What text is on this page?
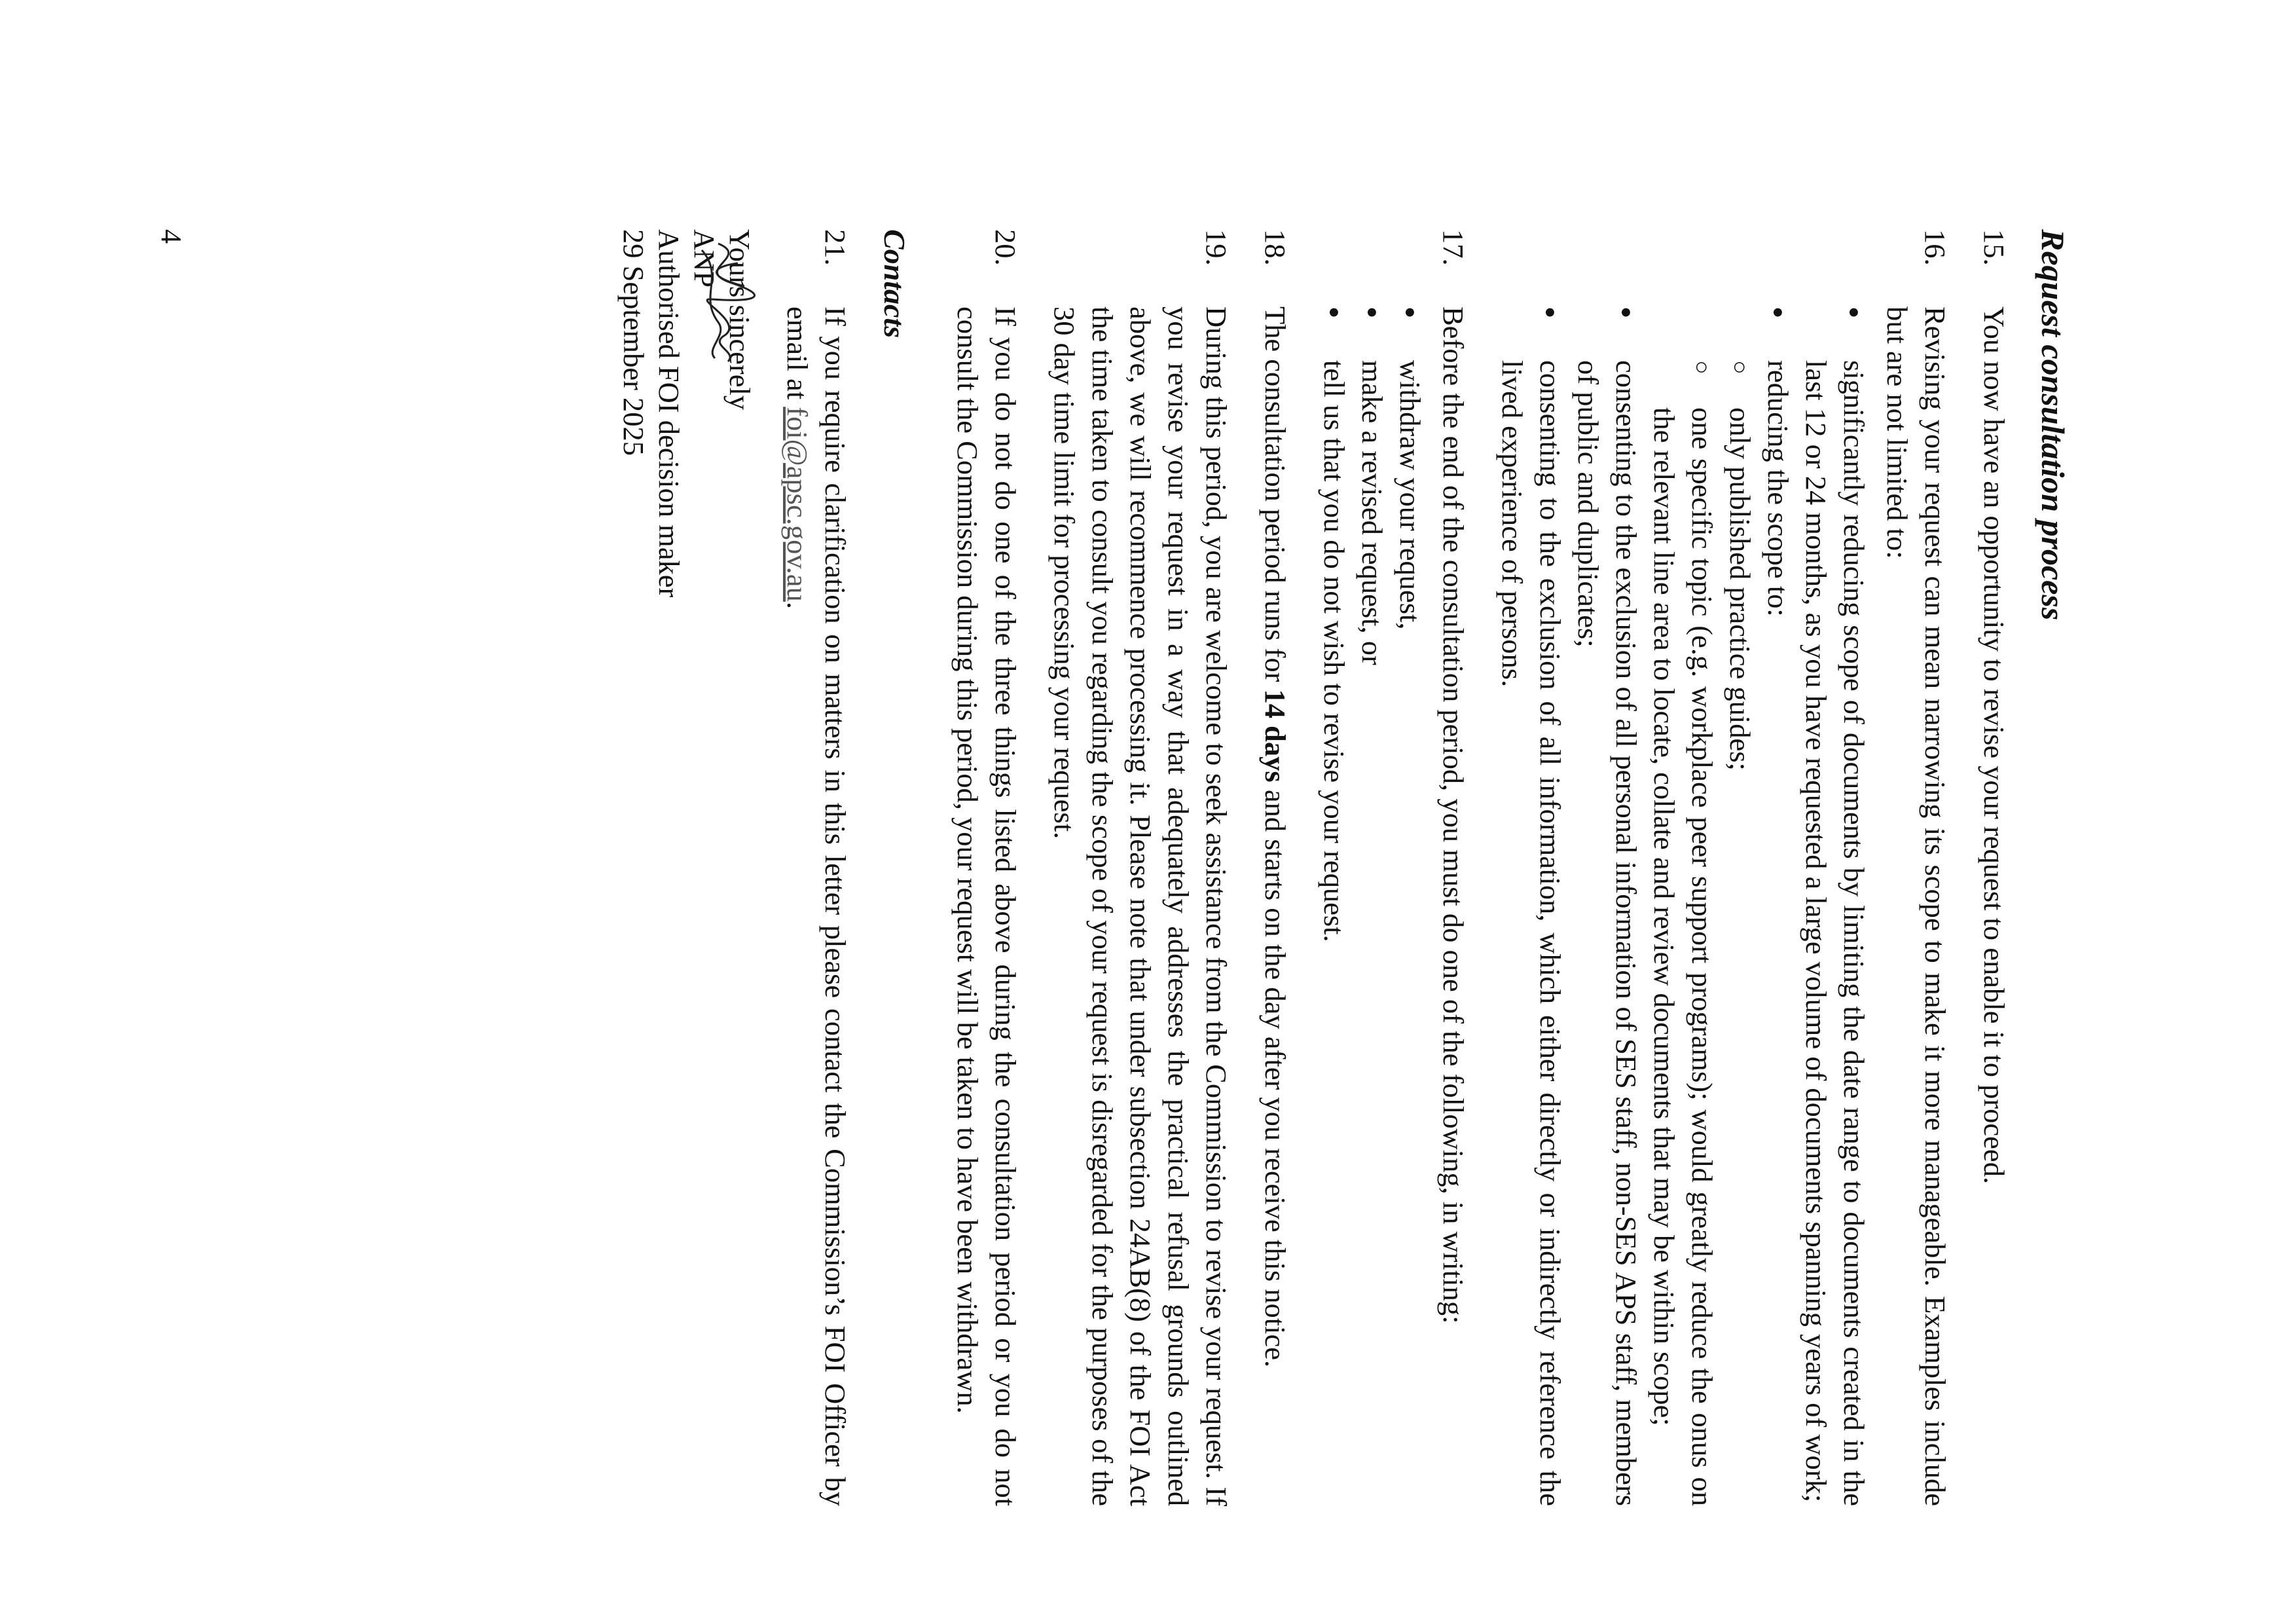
Request consultation process
15.
You now have an opportunity to revise your request to enable it to proceed.
16.
Revising your request can mean narrowing its scope to make it more manageable. Examples include but are not limited to:
● significantly reducing scope of documents by limiting the date range to documents created in the last 12 or 24 months, as you have requested a large volume of documents spanning years of work;
● reducing the scope to:
○ only published practice guides;
○ one specific topic (e.g. workplace peer support programs); would greatly reduce the onus on the relevant line area to locate, collate and review documents that may be within scope;
● consenting to the exclusion of all personal information of SES staff, non-SES APS staff, members of public and duplicates;
● consenting to the exclusion of all information, which either directly or indirectly reference the lived experience of persons.
17.
Before the end of the consultation period, you must do one of the following, in writing:
● withdraw your request,
● make a revised request, or
● tell us that you do not wish to revise your request.
18.
The consultation period runs for 14 days and starts on the day after you receive this notice.
19.
During this period, you are welcome to seek assistance from the Commission to revise your request. If you revise your request in a way that adequately addresses the practical refusal grounds outlined above, we will recommence processing it. Please note that under subsection 24AB(8) of the FOI Act the time taken to consult you regarding the scope of your request is disregarded for the purposes of the 30 day time limit for processing your request.
20.
If you do not do one of the three things listed above during the consultation period or you do not consult the Commission during this period, your request will be taken to have been withdrawn.
Contacts
21.
If you require clarification on matters in this letter please contact the Commission’s FOI Officer by email at foi@apsc.gov.au.
Yours sincerely
ANP
Authorised FOI decision maker
29 September 2025
4
